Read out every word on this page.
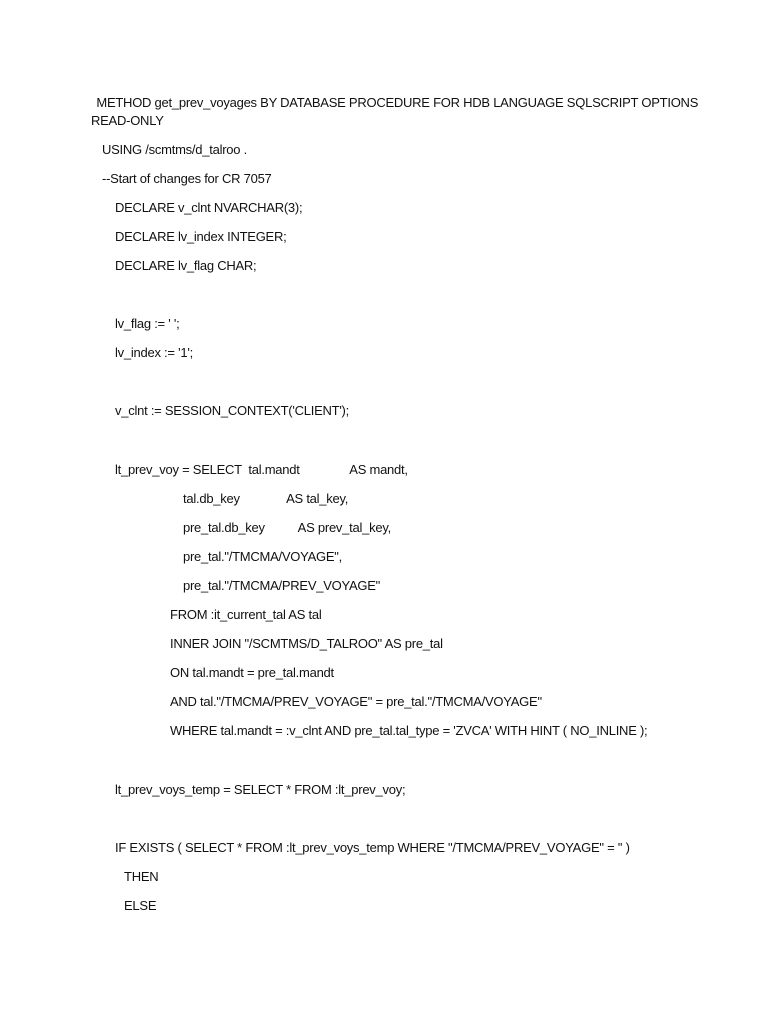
METHOD get_prev_voyages BY DATABASE PROCEDURE FOR HDB LANGUAGE SQLSCRIPT OPTIONS
READ-ONLY
USING /scmtms/d_talroo .
--Start of changes for CR 7057
DECLARE v_clnt NVARCHAR(3);
DECLARE lv_index INTEGER;
DECLARE lv_flag CHAR;
lv_flag := ' ';
lv_index := '1';
v_clnt := SESSION_CONTEXT('CLIENT');
lt_prev_voy = SELECT  tal.mandt               AS mandt,
tal.db_key              AS tal_key,
pre_tal.db_key          AS prev_tal_key,
pre_tal."/TMCMA/VOYAGE",
pre_tal."/TMCMA/PREV_VOYAGE"
FROM :it_current_tal AS tal
INNER JOIN "/SCMTMS/D_TALROO" AS pre_tal
ON tal.mandt = pre_tal.mandt
AND tal."/TMCMA/PREV_VOYAGE" = pre_tal."/TMCMA/VOYAGE"
WHERE tal.mandt = :v_clnt AND pre_tal.tal_type = 'ZVCA' WITH HINT ( NO_INLINE );
lt_prev_voys_temp = SELECT * FROM :lt_prev_voy;
IF EXISTS ( SELECT * FROM :lt_prev_voys_temp WHERE "/TMCMA/PREV_VOYAGE" = '' )
THEN
ELSE
